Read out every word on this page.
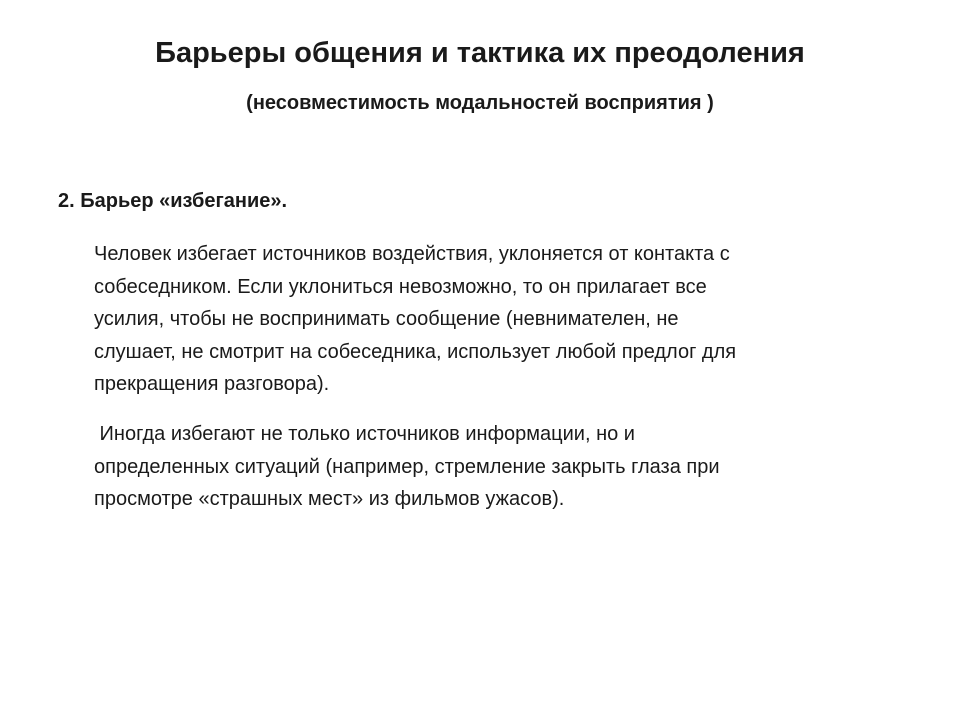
Барьеры общения и тактика их преодоления
(несовместимость модальностей восприятия )
2. Барьер «избегание».

Человек избегает источников воздействия, уклоняется от контакта с
собеседником. Если уклониться невозможно, то он прилагает все
усилия, чтобы не воспринимать сообщение (невнимателен, не
слушает, не смотрит на собеседника, использует любой предлог для
прекращения разговора).

Иногда избегают не только источников информации, но и
определенных ситуаций (например, стремление закрыть глаза при
просмотре «страшных мест» из фильмов ужасов).
